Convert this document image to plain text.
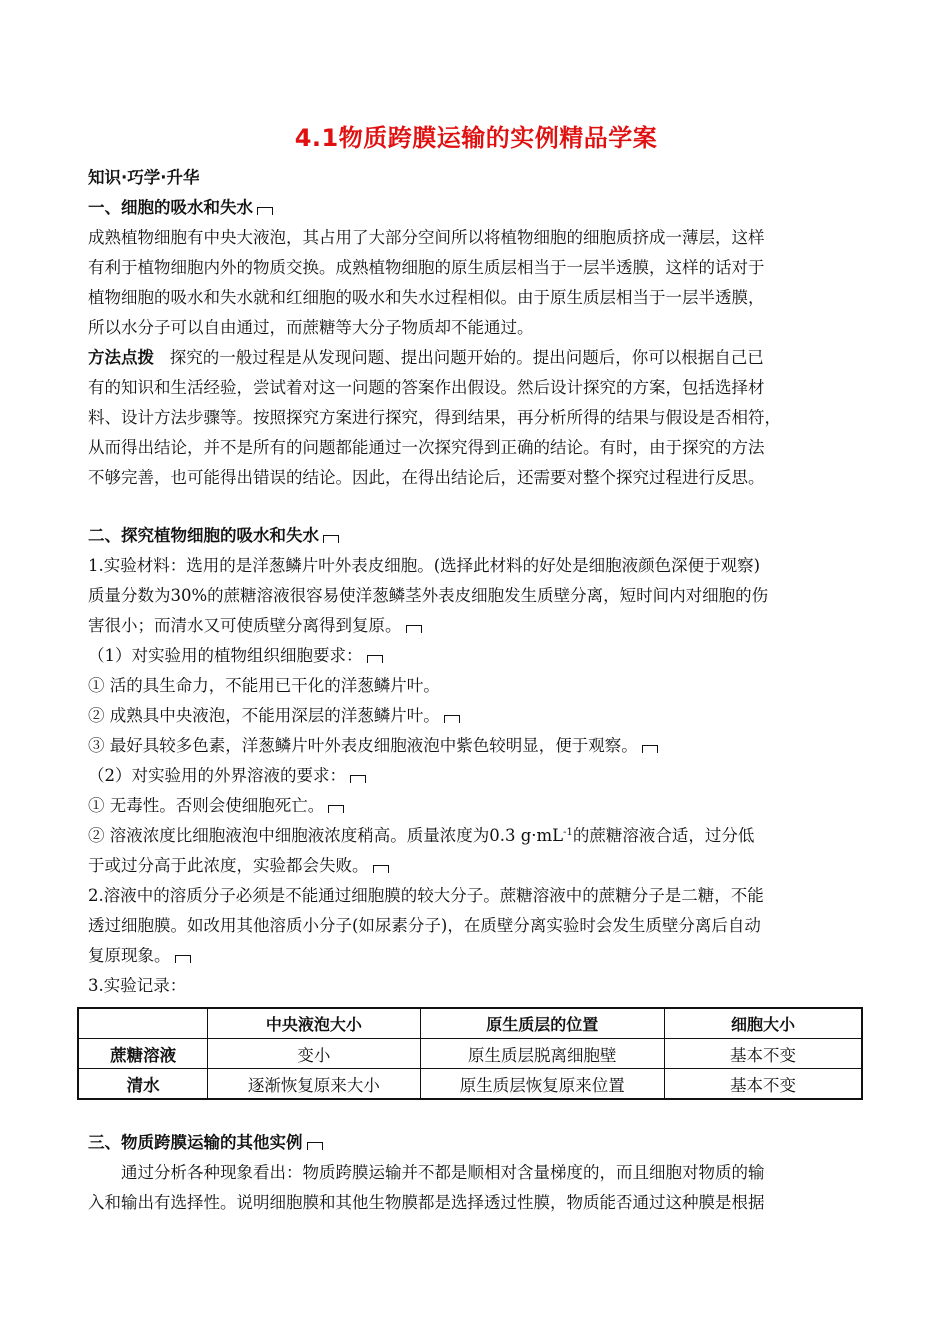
4.1物质跨膜运输的实例精品学案

知识·巧学·升华

一、细胞的吸水和失水

成熟植物细胞有中央大液泡，其占用了大部分空间所以将植物细胞的细胞质挤成一薄层，这样

有利于植物细胞内外的物质交换。成熟植物细胞的原生质层相当于一层半透膜，这样的话对于

植物细胞的吸水和失水就和红细胞的吸水和失水过程相似。由于原生质层相当于一层半透膜，

所以水分子可以自由通过，而蔗糖等大分子物质却不能通过。

方法点拨 探究的一般过程是从发现问题、提出问题开始的。提出问题后，你可以根据自己已

有的知识和生活经验，尝试着对这一问题的答案作出假设。然后设计探究的方案，包括选择材

料、设计方法步骤等。按照探究方案进行探究，得到结果，再分析所得的结果与假设是否相符，

从而得出结论，并不是所有的问题都能通过一次探究得到正确的结论。有时，由于探究的方法

不够完善，也可能得出错误的结论。因此，在得出结论后，还需要对整个探究过程进行反思。

二、探究植物细胞的吸水和失水

1.实验材料：选用的是洋葱鳞片叶外表皮细胞。(选择此材料的好处是细胞液颜色深便于观察)

质量分数为30%的蔗糖溶液很容易使洋葱鳞茎外表皮细胞发生质壁分离，短时间内对细胞的伤

害很小；而清水又可使质壁分离得到复原。

（1）对实验用的植物组织细胞要求：

① 活的具生命力，不能用已干化的洋葱鳞片叶。

② 成熟具中央液泡，不能用深层的洋葱鳞片叶。

③ 最好具较多色素，洋葱鳞片叶外表皮细胞液泡中紫色较明显，便于观察。

（2）对实验用的外界溶液的要求：

① 无毒性。否则会使细胞死亡。

② 溶液浓度比细胞液泡中细胞液浓度稍高。质量浓度为0.3 $g\cdot mL^{-1}$的蔗糖溶液合适，过分低

于或过分高于此浓度，实验都会失败。

2.溶液中的溶质分子必须是不能通过细胞膜的较大分子。蔗糖溶液中的蔗糖分子是二糖，不能

透过细胞膜。如改用其他溶质小分子(如尿素分子)，在质壁分离实验时会发生质壁分离后自动

复原现象。

3.实验记录：

	中央液泡大小	原生质层的位置	细胞大小
蔗糖溶液	变小	原生质层脱离细胞壁	基本不变
清水	逐渐恢复原来大小	原生质层恢复原来位置	基本不变

三、物质跨膜运输的其他实例

通过分析各种现象看出：物质跨膜运输并不都是顺相对含量梯度的，而且细胞对物质的输

入和输出有选择性。说明细胞膜和其他生物膜都是选择透过性膜，物质能否通过这种膜是根据
